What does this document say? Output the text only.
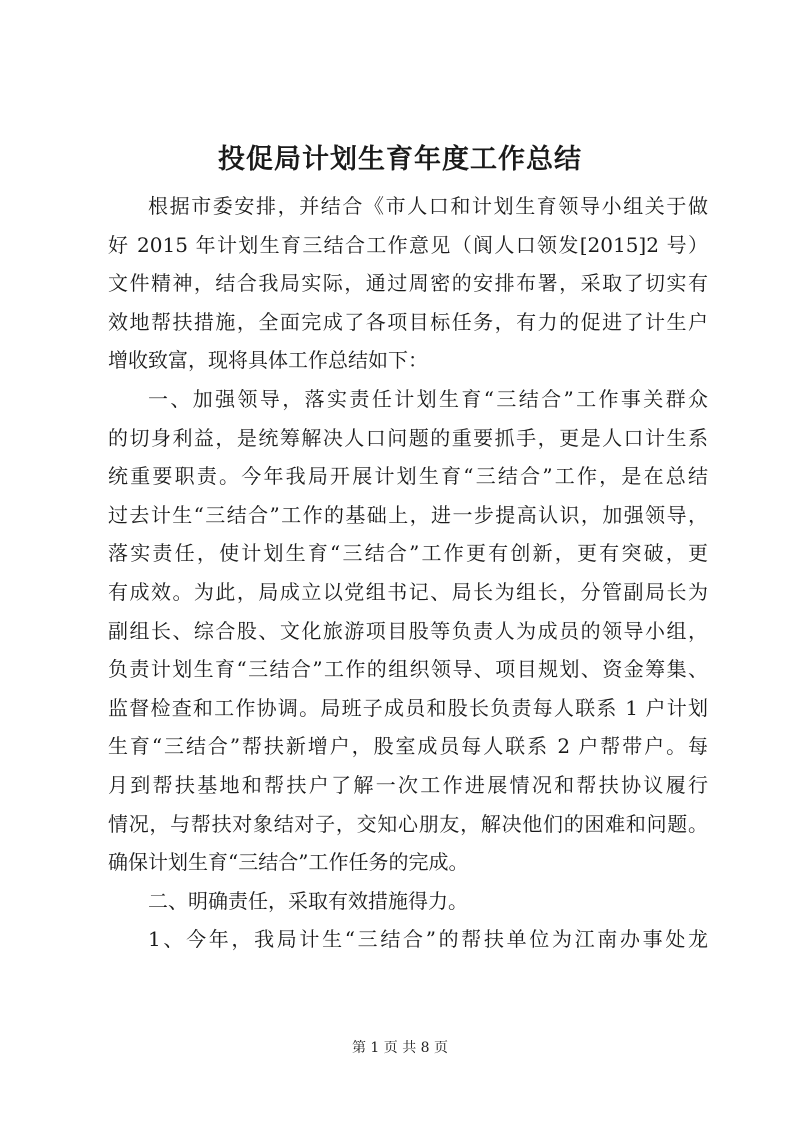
投促局计划生育年度工作总结
根据市委安排，并结合《市人口和计划生育领导小组关于做
好 2015 年计划生育三结合工作意见（阆人口领发[2015]2 号）
文件精神，结合我局实际，通过周密的安排布署，采取了切实有
效地帮扶措施，全面完成了各项目标任务，有力的促进了计生户
增收致富，现将具体工作总结如下：
一、加强领导，落实责任计划生育“三结合”工作事关群众
的切身利益，是统筹解决人口问题的重要抓手，更是人口计生系
统重要职责。今年我局开展计划生育“三结合”工作，是在总结
过去计生“三结合”工作的基础上，进一步提高认识，加强领导，
落实责任，使计划生育“三结合”工作更有创新，更有突破，更
有成效。为此，局成立以党组书记、局长为组长，分管副局长为
副组长、综合股、文化旅游项目股等负责人为成员的领导小组，
负责计划生育“三结合”工作的组织领导、项目规划、资金筹集、
监督检查和工作协调。局班子成员和股长负责每人联系 1 户计划
生育“三结合”帮扶新增户，股室成员每人联系 2 户帮带户。每
月到帮扶基地和帮扶户了解一次工作进展情况和帮扶协议履行
情况，与帮扶对象结对子，交知心朋友，解决他们的困难和问题。
确保计划生育“三结合”工作任务的完成。
二、明确责任，采取有效措施得力。
1、今年，我局计生“三结合”的帮扶单位为江南办事处龙
第 1 页 共 8 页
